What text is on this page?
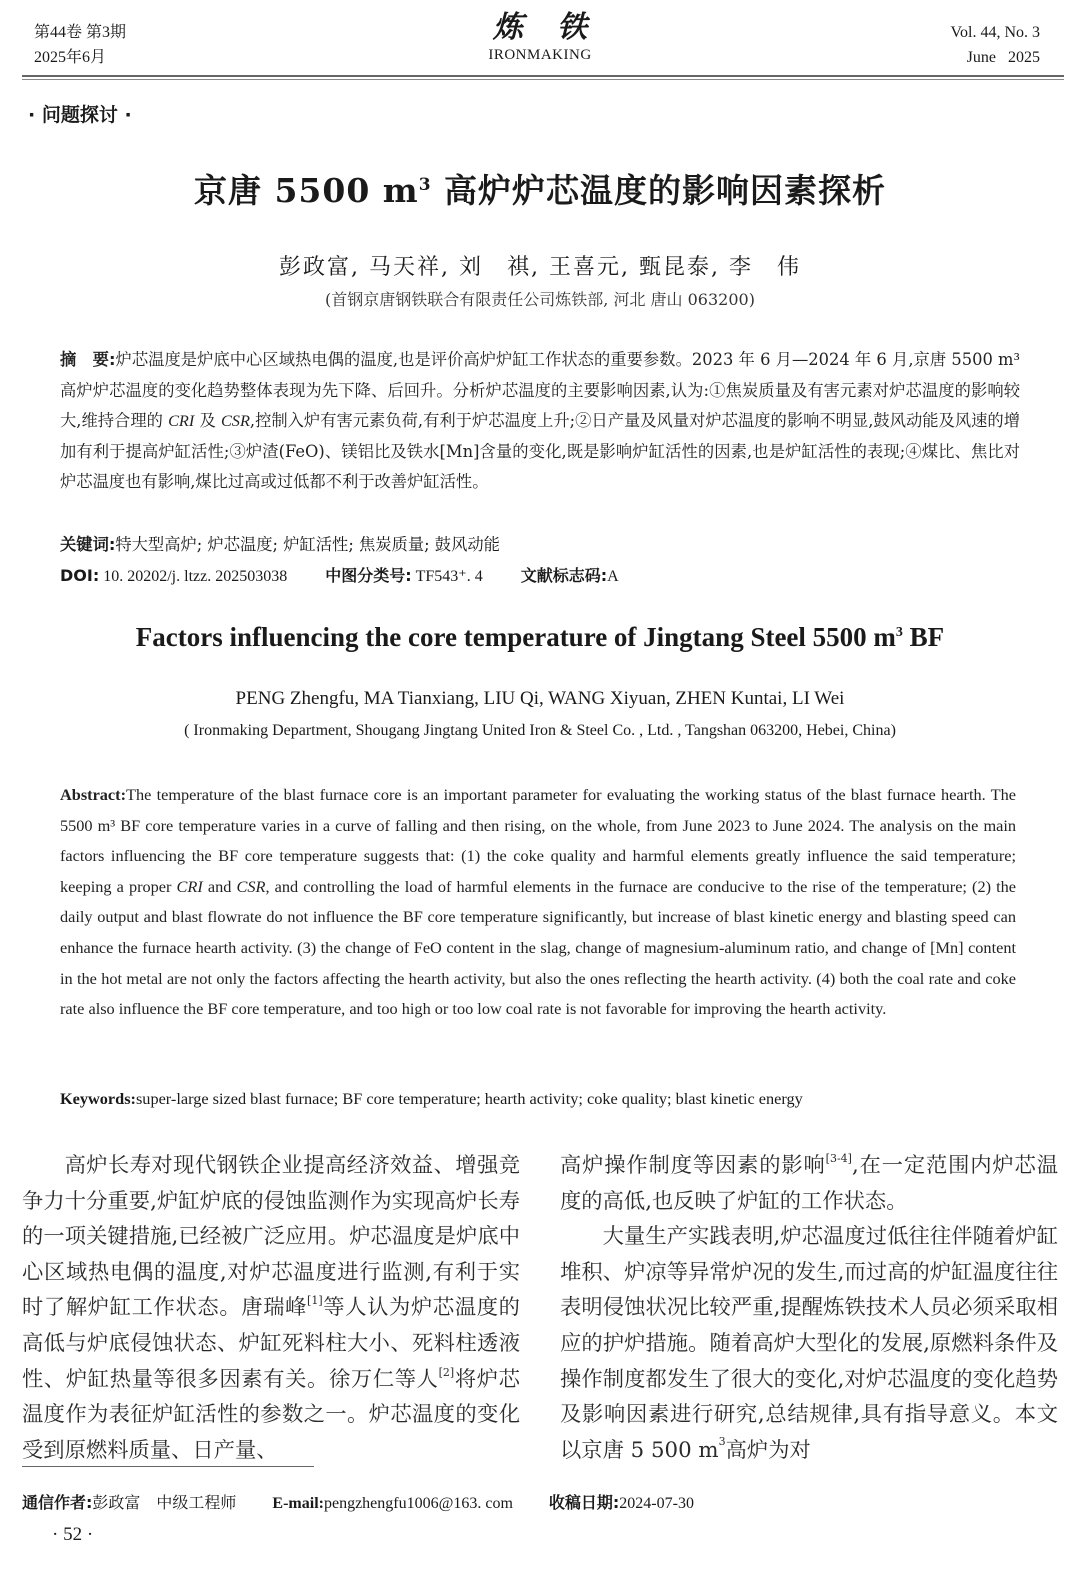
第44卷 第3期
2025年6月
炼铁
IRONMAKING
Vol. 44, No. 3
June   2025
· 问题探讨 ·
京唐 5500 $m^3$ 高炉炉芯温度的影响因素探析
彭政富, 马天祥, 刘　祺, 王喜元, 甄昆泰, 李　伟
(首钢京唐钢铁联合有限责任公司炼铁部, 河北 唐山 063200)
摘　要:炉芯温度是炉底中心区域热电偶的温度,也是评价高炉炉缸工作状态的重要参数。2023 年 6 月—2024 年 6 月,京唐 5500 m³ 高炉炉芯温度的变化趋势整体表现为先下降、后回升。分析炉芯温度的主要影响因素,认为:①焦炭质量及有害元素对炉芯温度的影响较大,维持合理的 CRI 及 CSR,控制入炉有害元素负荷,有利于炉芯温度上升;②日产量及风量对炉芯温度的影响不明显,鼓风动能及风速的增加有利于提高炉缸活性;③炉渣(FeO)、镁铝比及铁水[Mn]含量的变化,既是影响炉缸活性的因素,也是炉缸活性的表现;④煤比、焦比对炉芯温度也有影响,煤比过高或过低都不利于改善炉缸活性。
关键词:特大型高炉; 炉芯温度; 炉缸活性; 焦炭质量; 鼓风动能
DOI: 10. 20202/j. ltzz. 202503038 中图分类号: TF543⁺. 4 文献标志码:A
Factors influencing the core temperature of Jingtang Steel 5500 $m^3$ BF
PENG Zhengfu, MA Tianxiang, LIU Qi, WANG Xiyuan, ZHEN Kuntai, LI Wei
( Ironmaking Department, Shougang Jingtang United Iron & Steel Co. , Ltd. , Tangshan 063200, Hebei, China)
Abstract:The temperature of the blast furnace core is an important parameter for evaluating the working status of the blast furnace hearth. The 5500 m³ BF core temperature varies in a curve of falling and then rising, on the whole, from June 2023 to June 2024. The analysis on the main factors influencing the BF core temperature suggests that: (1) the coke quality and harmful elements greatly influence the said temperature; keeping a proper CRI and CSR, and controlling the load of harmful elements in the furnace are conducive to the rise of the temperature; (2) the daily output and blast flowrate do not influence the BF core temperature significantly, but increase of blast kinetic energy and blasting speed can enhance the furnace hearth activity. (3) the change of FeO content in the slag, change of magnesium-aluminum ratio, and change of [Mn] content in the hot metal are not only the factors affecting the hearth activity, but also the ones reflecting the hearth activity. (4) both the coal rate and coke rate also influence the BF core temperature, and too high or too low coal rate is not favorable for improving the hearth activity.
Keywords:super-large sized blast furnace; BF core temperature; hearth activity; coke quality; blast kinetic energy

高炉长寿对现代钢铁企业提高经济效益、增强竞争力十分重要,炉缸炉底的侵蚀监测作为实现高炉长寿的一项关键措施,已经被广泛应用。炉芯温度是炉底中心区域热电偶的温度,对炉芯温度进行监测,有利于实时了解炉缸工作状态。唐瑞峰[1]等人认为炉芯温度的高低与炉底侵蚀状态、炉缸死料柱大小、死料柱透液性、炉缸热量等很多因素有关。徐万仁等人[2]将炉芯温度作为表征炉缸活性的参数之一。炉芯温度的变化受到原燃料质量、日产量、

高炉操作制度等因素的影响[3-4],在一定范围内炉芯温度的高低,也反映了炉缸的工作状态。

大量生产实践表明,炉芯温度过低往往伴随着炉缸堆积、炉凉等异常炉况的发生,而过高的炉缸温度往往表明侵蚀状况比较严重,提醒炼铁技术人员必须采取相应的护炉措施。随着高炉大型化的发展,原燃料条件及操作制度都发生了很大的变化,对炉芯温度的变化趋势及影响因素进行研究,总结规律,具有指导意义。本文以京唐 5 500 $m^3$高炉为对

通信作者:彭政富　中级工程师 E-mail:pengzhengfu1006@163. com 收稿日期:2024-07-30
· 52 ·
